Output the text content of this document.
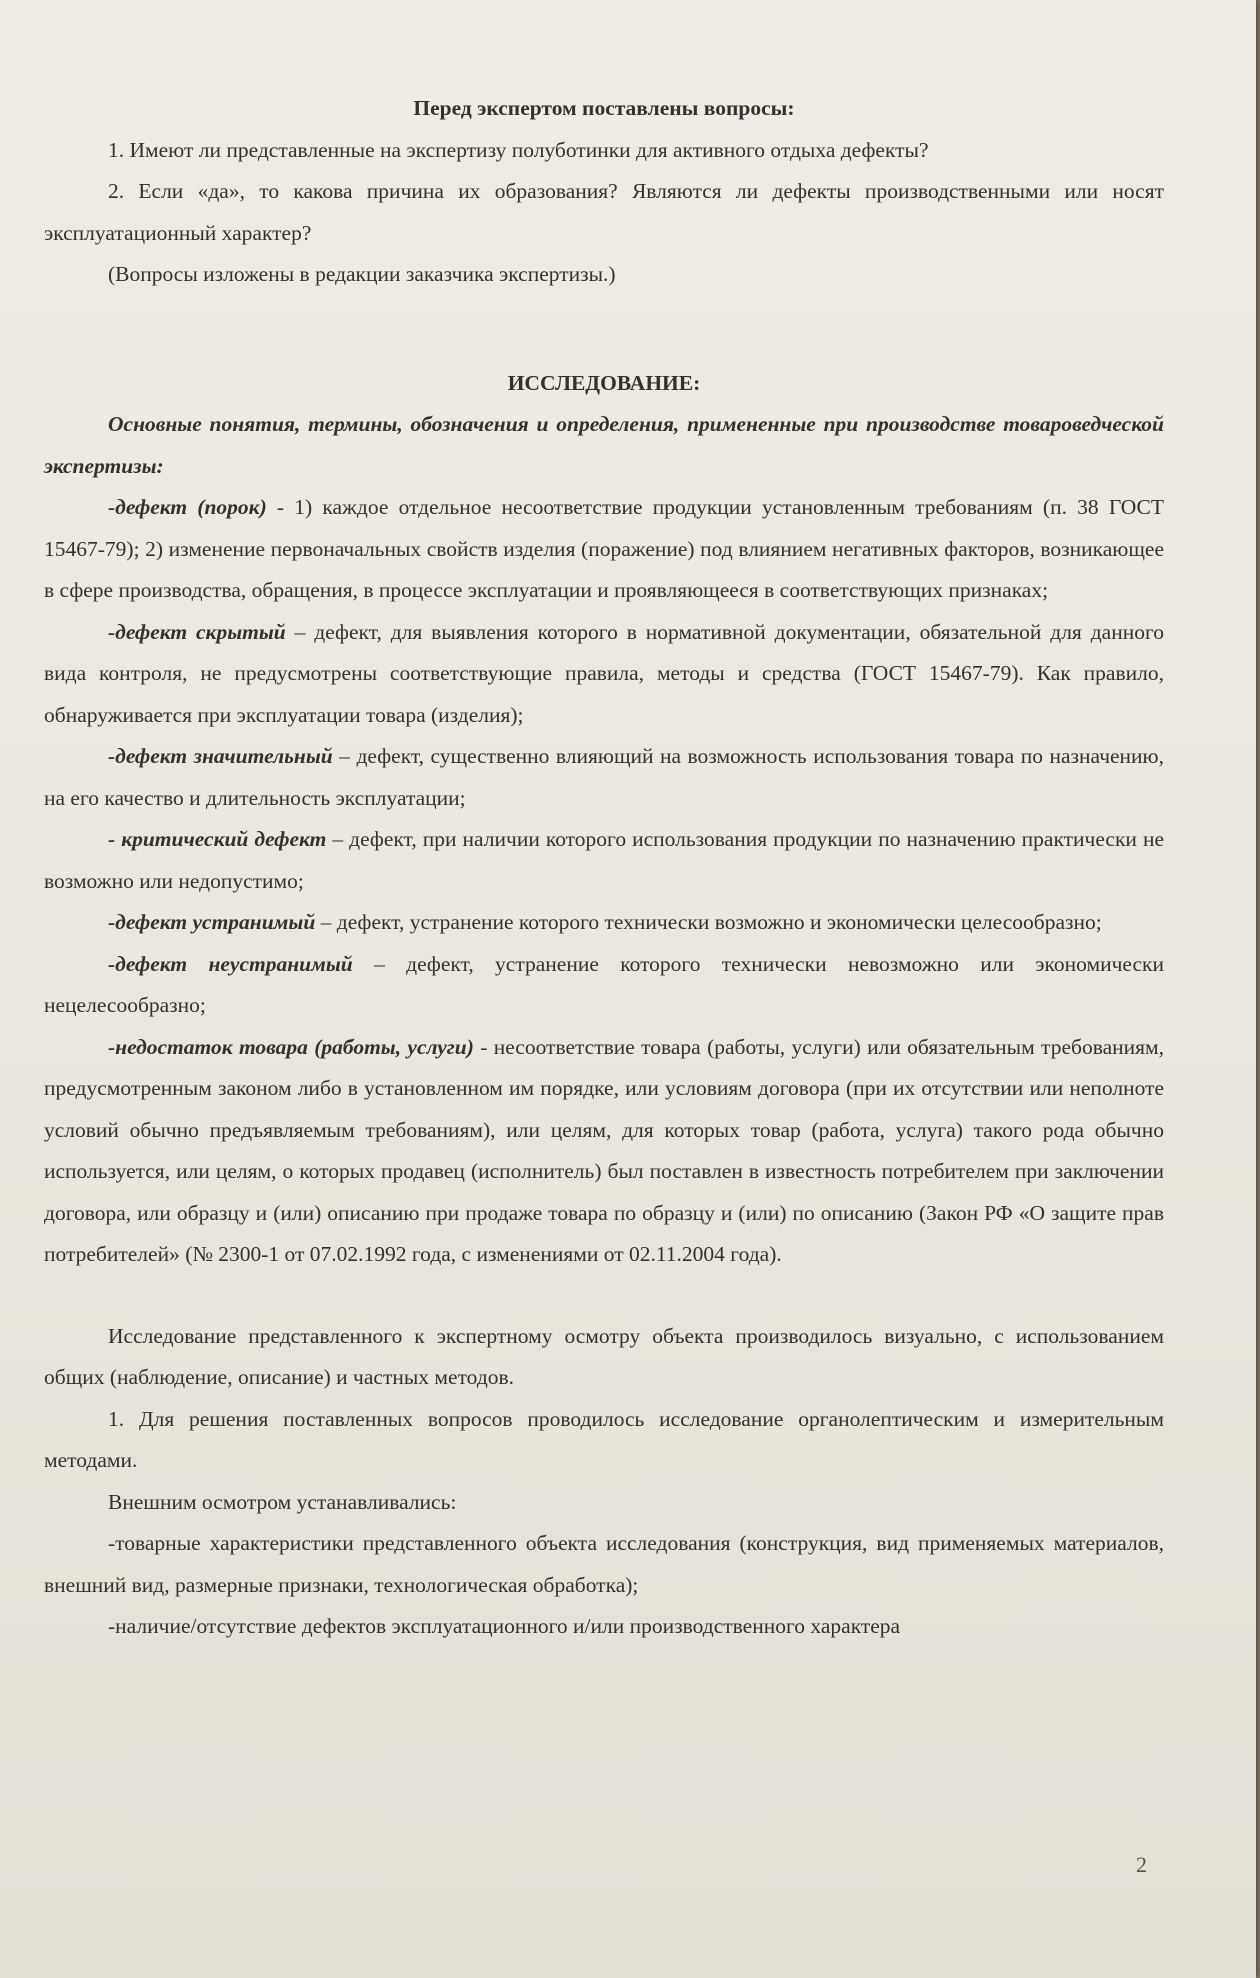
Перед экспертом поставлены вопросы:

1. Имеют ли представленные на экспертизу полуботинки для активного отдыха дефекты?

2. Если «да», то какова причина их образования? Являются ли дефекты производственными или носят эксплуатационный характер?

(Вопросы изложены в редакции заказчика экспертизы.)

ИССЛЕДОВАНИЕ:

Основные понятия, термины, обозначения и определения, примененные при производстве товароведческой экспертизы:

-дефект (порок) - 1) каждое отдельное несоответствие продукции установленным требованиям (п. 38 ГОСТ 15467-79); 2) изменение первоначальных свойств изделия (поражение) под влиянием негативных факторов, возникающее в сфере производства, обращения, в процессе эксплуатации и проявляющееся в соответствующих признаках;

-дефект скрытый – дефект, для выявления которого в нормативной документации, обязательной для данного вида контроля, не предусмотрены соответствующие правила, методы и средства (ГОСТ 15467-79). Как правило, обнаруживается при эксплуатации товара (изделия);

-дефект значительный – дефект, существенно влияющий на возможность использования товара по назначению, на его качество и длительность эксплуатации;

- критический дефект – дефект, при наличии которого использования продукции по назначению практически не возможно или недопустимо;

-дефект устранимый – дефект, устранение которого технически возможно и экономически целесообразно;

-дефект неустранимый – дефект, устранение которого технически невозможно или экономически нецелесообразно;

-недостаток товара (работы, услуги) - несоответствие товара (работы, услуги) или обязательным требованиям, предусмотренным законом либо в установленном им порядке, или условиям договора (при их отсутствии или неполноте условий обычно предъявляемым требованиям), или целям, для которых товар (работа, услуга) такого рода обычно используется, или целям, о которых продавец (исполнитель) был поставлен в известность потребителем при заключении договора, или образцу и (или) описанию при продаже товара по образцу и (или) по описанию (Закон РФ «О защите прав потребителей» (№ 2300-1 от 07.02.1992 года, с изменениями от 02.11.2004 года).

Исследование представленного к экспертному осмотру объекта производилось визуально, с использованием общих (наблюдение, описание) и частных методов.

1. Для решения поставленных вопросов проводилось исследование органолептическим и измерительным методами.

Внешним осмотром устанавливались:

-товарные характеристики представленного объекта исследования (конструкция, вид применяемых материалов, внешний вид, размерные признаки, технологическая обработка);

-наличие/отсутствие дефектов эксплуатационного и/или производственного характера

2
